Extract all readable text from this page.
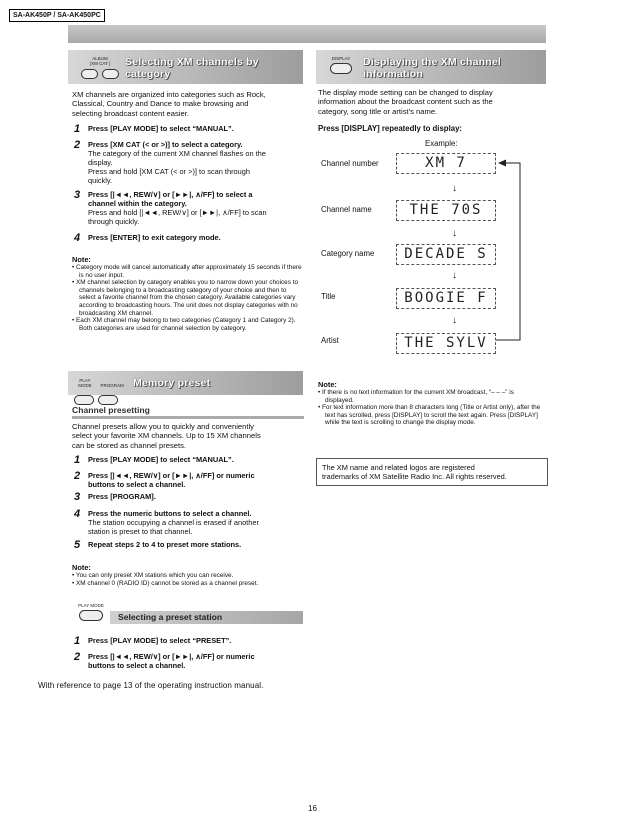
SA-AK450P / SA-AK450PC
ALBUM
(XM CAT )
	Selecting XM channels by
category
XM channels are organized into categories such as Rock,
Classical, Country and Dance to make browsing and
selecting broadcast content easier.
1	Press [PLAY MODE] to select “MANUAL”.
2	Press [XM CAT (< or >)] to select a category.
The category of the current XM channel flashes on the
display.
Press and hold [XM CAT (< or >)] to scan through
quickly.
3	Press [|◄◄, REW/∨] or [►►|, ∧/FF] to select a
channel within the category.
Press and hold [|◄◄, REW/∨] or [►►|, ∧/FF] to scan
through quickly.
4	Press [ENTER] to exit category mode.
Note:
• Category mode will cancel automatically after approximately 15 seconds if there is no user input.
• XM channel selection by category enables you to narrow down your choices to channels belonging to a broadcasting category of your choice and then to select a favorite channel from the chosen category. Available categories vary according to broadcasting hours. The unit does not display categories with no broadcasting XM channel.
• Each XM channel may belong to two categories (Category 1 and Category 2). Both categories are used for channel selection by category.
PLAY MODE PROGRAM
Memory preset
Channel presetting
Channel presets allow you to quickly and conveniently
select your favorite XM channels. Up to 15 XM channels
can be stored as channel presets.
1	Press [PLAY MODE] to select “MANUAL”.
2	Press [|◄◄, REW/∨] or [►►|, ∧/FF] or numeric
buttons to select a channel.
3	Press [PROGRAM].
4	Press the numeric buttons to select a channel.
The station occupying a channel is erased if another
station is preset to that channel.
5	Repeat steps 2 to 4 to preset more stations.
Note:
• You can only preset XM stations which you can receive.
• XM channel 0 (RADIO ID) cannot be stored as a channel preset.
PLAY MODE
Selecting a preset station
1	Press [PLAY MODE] to select “PRESET”.
2	Press [|◄◄, REW/∨] or [►►|, ∧/FF] or numeric
buttons to select a channel.
With reference to page 13 of the operating instruction manual.
DISPLAY	Displaying the XM channel
information
The display mode setting can be changed to display
information about the broadcast content such as the
category, song title or artist’s name.
Press [DISPLAY] repeatedly to display:
Example:
Channel number	XM 7
↓
Channel name	THE 70S
↓
Category name	DECADE S
↓
Title	BOOGIE F
↓
Artist	THE SYLV
Note:
• If there is no text information for the current XM broadcast, “– – –” is displayed.
• For text information more than 8 characters long (Title or Artist only), after the text has scrolled, press [DISPLAY] to scroll the text again. Press [DISPLAY] while the text is scrolling to change the display mode.
The XM name and related logos are registered
trademarks of XM Satellite Radio Inc. All rights reserved.
16
